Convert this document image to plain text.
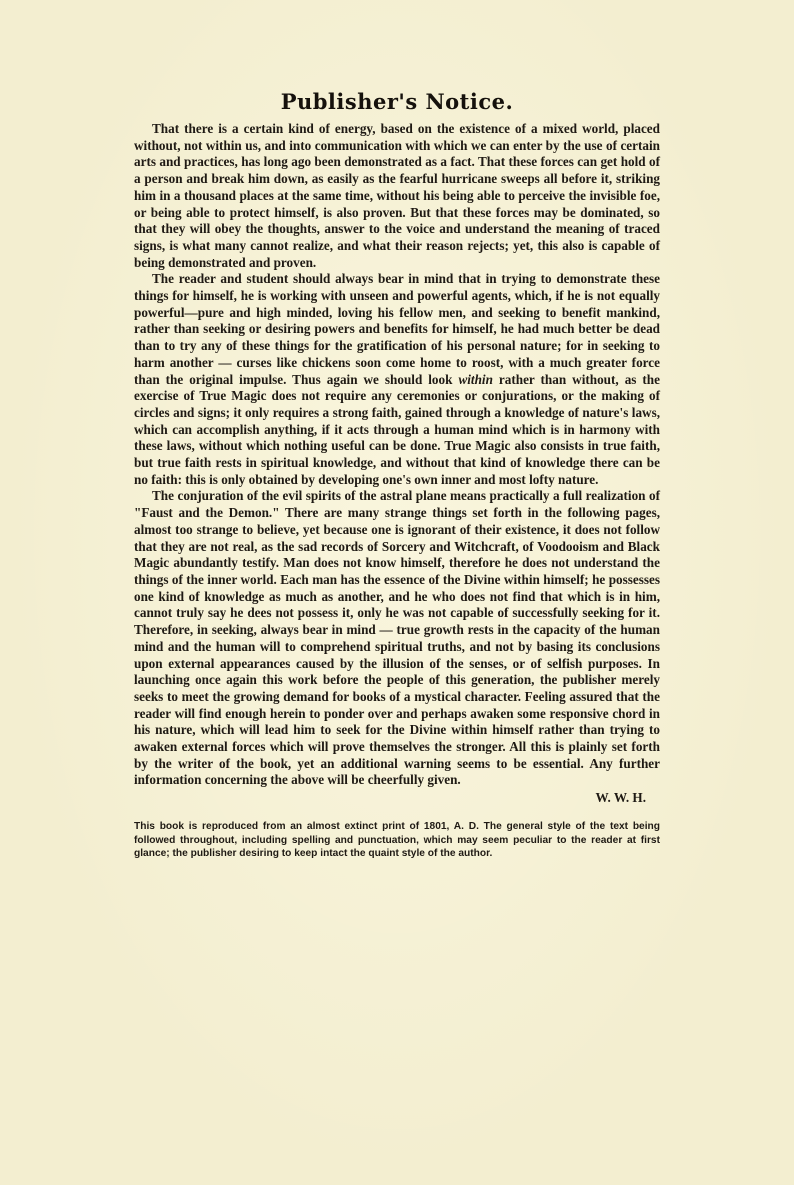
Publisher's Notice.

That there is a certain kind of energy, based on the existence of a mixed world, placed without, not within us, and into communication with which we can enter by the use of certain arts and practices, has long ago been demonstrated as a fact. That these forces can get hold of a person and break him down, as easily as the fearful hurricane sweeps all before it, striking him in a thousand places at the same time, without his being able to perceive the invisible foe, or being able to protect himself, is also proven. But that these forces may be dominated, so that they will obey the thoughts, answer to the voice and understand the meaning of traced signs, is what many cannot realize, and what their reason rejects; yet, this also is capable of being demonstrated and proven.

The reader and student should always bear in mind that in trying to demonstrate these things for himself, he is working with unseen and powerful agents, which, if he is not equally powerful—pure and high minded, loving his fellow men, and seeking to benefit mankind, rather than seeking or desiring powers and benefits for himself, he had much better be dead than to try any of these things for the gratification of his personal nature; for in seeking to harm another — curses like chickens soon come home to roost, with a much greater force than the original impulse. Thus again we should look within rather than without, as the exercise of True Magic does not require any ceremonies or conjurations, or the making of circles and signs; it only requires a strong faith, gained through a knowledge of nature's laws, which can accomplish anything, if it acts through a human mind which is in harmony with these laws, without which nothing useful can be done. True Magic also consists in true faith, but true faith rests in spiritual knowledge, and without that kind of knowledge there can be no faith: this is only obtained by developing one's own inner and most lofty nature.

The conjuration of the evil spirits of the astral plane means practically a full realization of "Faust and the Demon." There are many strange things set forth in the following pages, almost too strange to believe, yet because one is ignorant of their existence, it does not follow that they are not real, as the sad records of Sorcery and Witchcraft, of Voodooism and Black Magic abundantly testify. Man does not know himself, therefore he does not understand the things of the inner world. Each man has the essence of the Divine within himself; he possesses one kind of knowledge as much as another, and he who does not find that which is in him, cannot truly say he dees not possess it, only he was not capable of successfully seeking for it. Therefore, in seeking, always bear in mind — true growth rests in the capacity of the human mind and the human will to comprehend spiritual truths, and not by basing its conclusions upon external appearances caused by the illusion of the senses, or of selfish purposes. In launching once again this work before the people of this generation, the publisher merely seeks to meet the growing demand for books of a mystical character. Feeling assured that the reader will find enough herein to ponder over and perhaps awaken some responsive chord in his nature, which will lead him to seek for the Divine within himself rather than trying to awaken external forces which will prove themselves the stronger. All this is plainly set forth by the writer of the book, yet an additional warning seems to be essential. Any further information concerning the above will be cheerfully given.

W. W. H.

This book is reproduced from an almost extinct print of 1801, A. D. The general style of the text being followed throughout, including spelling and punctuation, which may seem peculiar to the reader at first glance; the publisher desiring to keep intact the quaint style of the author.
